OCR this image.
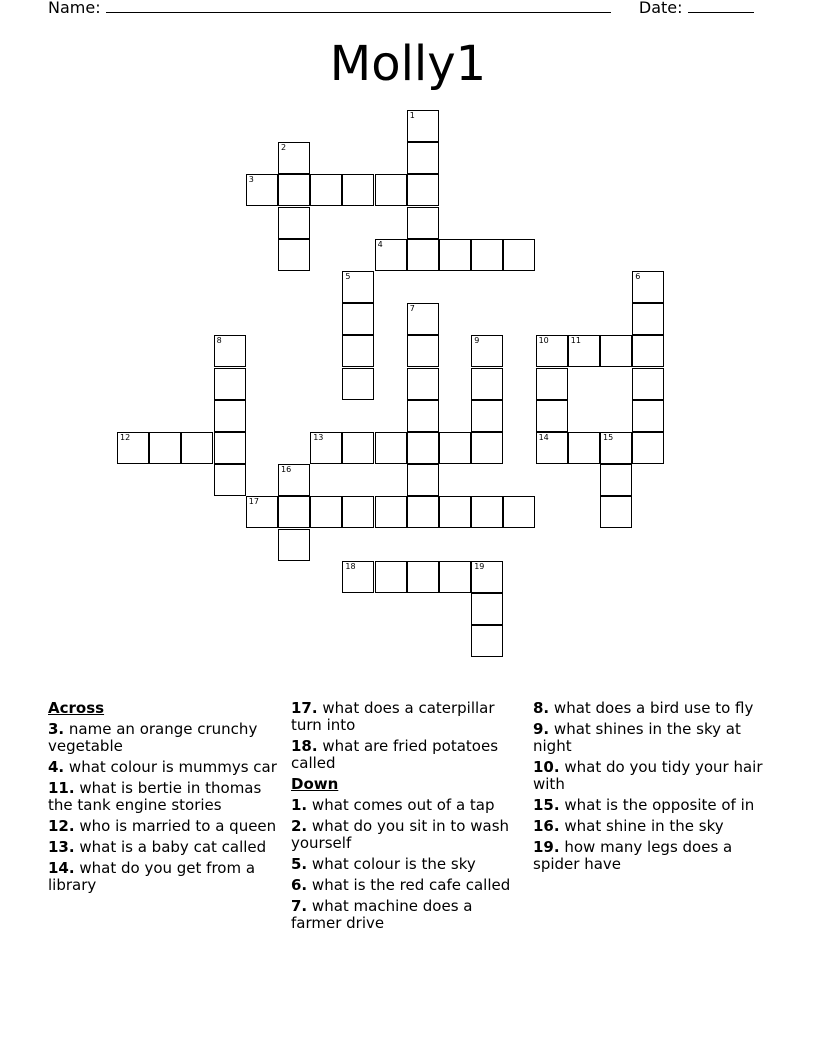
Name:	Date:
Molly1
1
2
3
4
5	6
7
8	9	10	11
12	13	14	15
16
17
18	19
Across
3. name an orange crunchy vegetable
4. what colour is mummys car
11. what is bertie in thomas the tank engine stories
12. who is married to a queen
13. what is a baby cat called
14. what do you get from a library
17. what does a caterpillar turn into
18. what are fried potatoes called
Down
1. what comes out of a tap
2. what do you sit in to wash yourself
5. what colour is the sky
6. what is the red cafe called
7. what machine does a farmer drive
8. what does a bird use to fly
9. what shines in the sky at night
10. what do you tidy your hair with
15. what is the opposite of in
16. what shine in the sky
19. how many legs does a spider have
